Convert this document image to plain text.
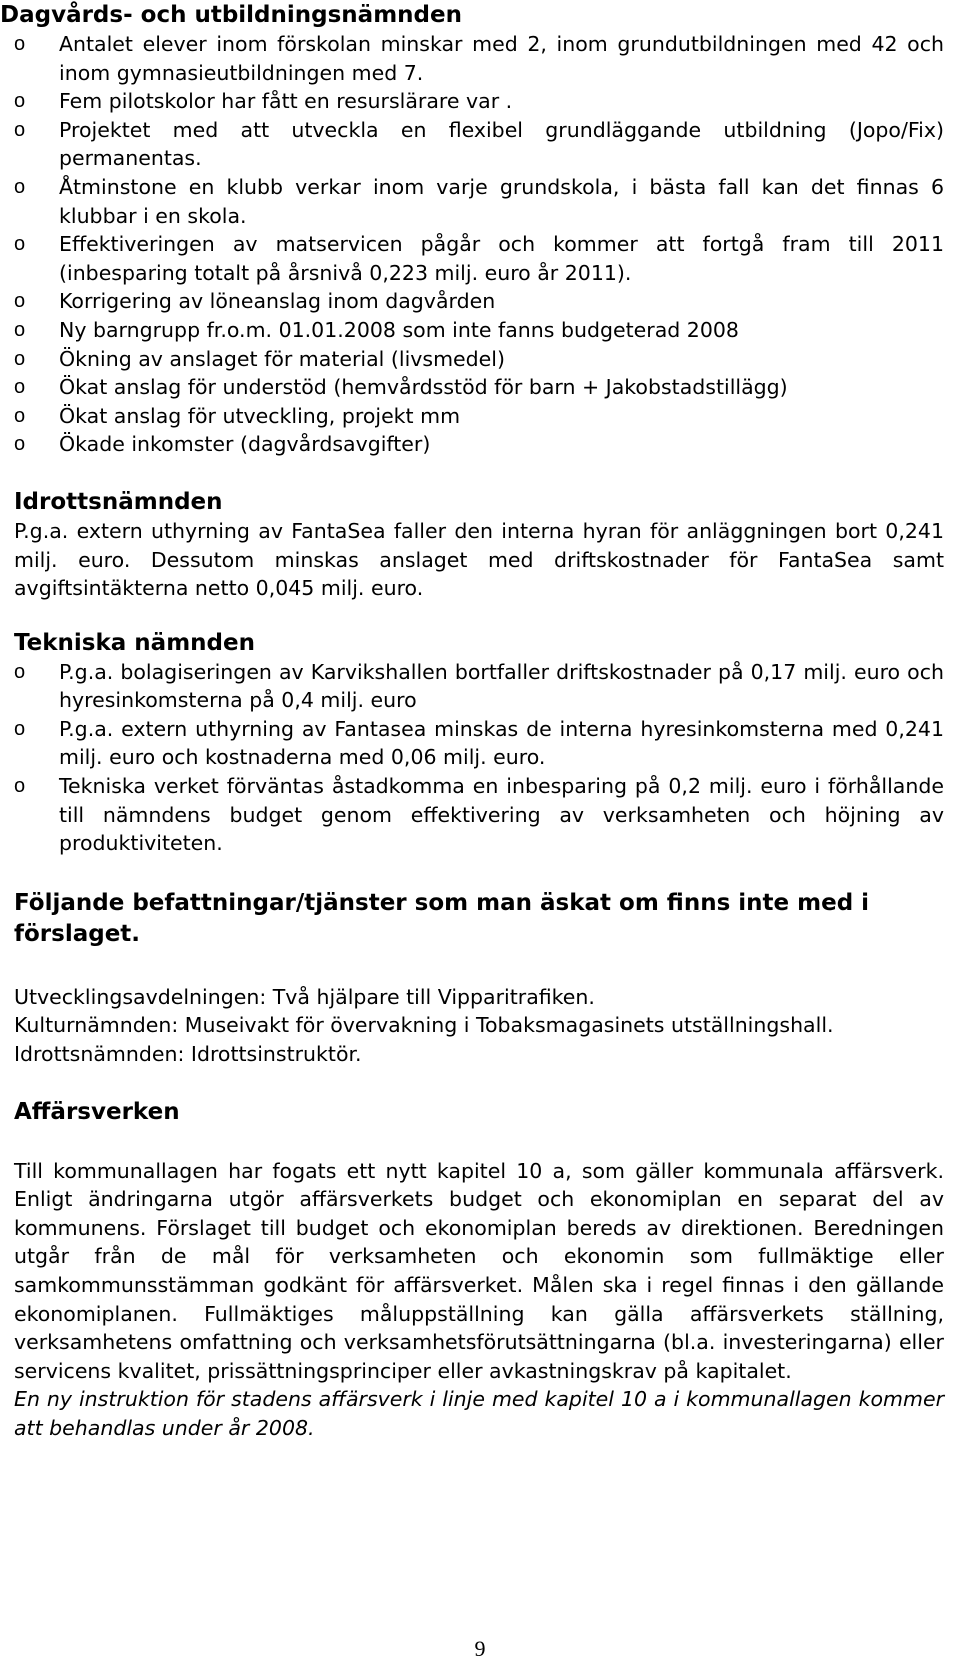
Dagvårds- och utbildningsnämnden
o Antalet elever inom förskolan minskar med 2, inom grundutbildningen med 42 och inom gymnasieutbildningen med 7.
o Fem pilotskolor har fått en resurslärare var .
o Projektet med att utveckla en flexibel grundläggande utbildning (Jopo/Fix) permanentas.
o Åtminstone en klubb verkar inom varje grundskola, i bästa fall kan det finnas 6 klubbar i en skola.
o Effektiveringen av matservicen pågår och kommer att fortgå fram till 2011 (inbesparing totalt på årsnivå 0,223 milj. euro år 2011).
o Korrigering av löneanslag inom dagvården
o Ny barngrupp fr.o.m. 01.01.2008 som inte fanns budgeterad 2008
o Ökning av anslaget för material (livsmedel)
o Ökat anslag för understöd (hemvårdsstöd för barn + Jakobstadstillägg)
o Ökat anslag för utveckling, projekt mm
o Ökade inkomster (dagvårdsavgifter)
Idrottsnämnden

P.g.a. extern uthyrning av FantaSea faller den interna hyran för anläggningen bort 0,241 milj. euro. Dessutom minskas anslaget med driftskostnader för FantaSea samt avgiftsintäkterna netto 0,045 milj. euro.

Tekniska nämnden
o P.g.a. bolagiseringen av Karvikshallen bortfaller driftskostnader på 0,17 milj. euro och hyresinkomsterna på 0,4 milj. euro
o P.g.a. extern uthyrning av Fantasea minskas de interna hyresinkomsterna med 0,241 milj. euro och kostnaderna med 0,06 milj. euro.
o Tekniska verket förväntas åstadkomma en inbesparing på 0,2 milj. euro i förhållande till nämndens budget genom effektivering av verksamheten och höjning av produktiviteten.
Följande befattningar/tjänster som man äskat om finns inte med i förslaget.

Utvecklingsavdelningen: Två hjälpare till Vipparitrafiken.

Kulturnämnden: Museivakt för övervakning i Tobaksmagasinets utställningshall.

Idrottsnämnden: Idrottsinstruktör.

Affärsverken

Till kommunallagen har fogats ett nytt kapitel 10 a, som gäller kommunala affärsverk. Enligt ändringarna utgör affärsverkets budget och ekonomiplan en separat del av kommunens. Förslaget till budget och ekonomiplan bereds av direktionen. Beredningen utgår från de mål för verksamheten och ekonomin som fullmäktige eller samkommunsstämman godkänt för affärsverket. Målen ska i regel finnas i den gällande ekonomiplanen. Fullmäktiges måluppställning kan gälla affärsverkets ställning, verksamhetens omfattning och verksamhetsförutsättningarna (bl.a. investeringarna) eller servicens kvalitet, prissättningsprinciper eller avkastningskrav på kapitalet.

En ny instruktion för stadens affärsverk i linje med kapitel 10 a i kommunallagen kommer att behandlas under år 2008.

9
